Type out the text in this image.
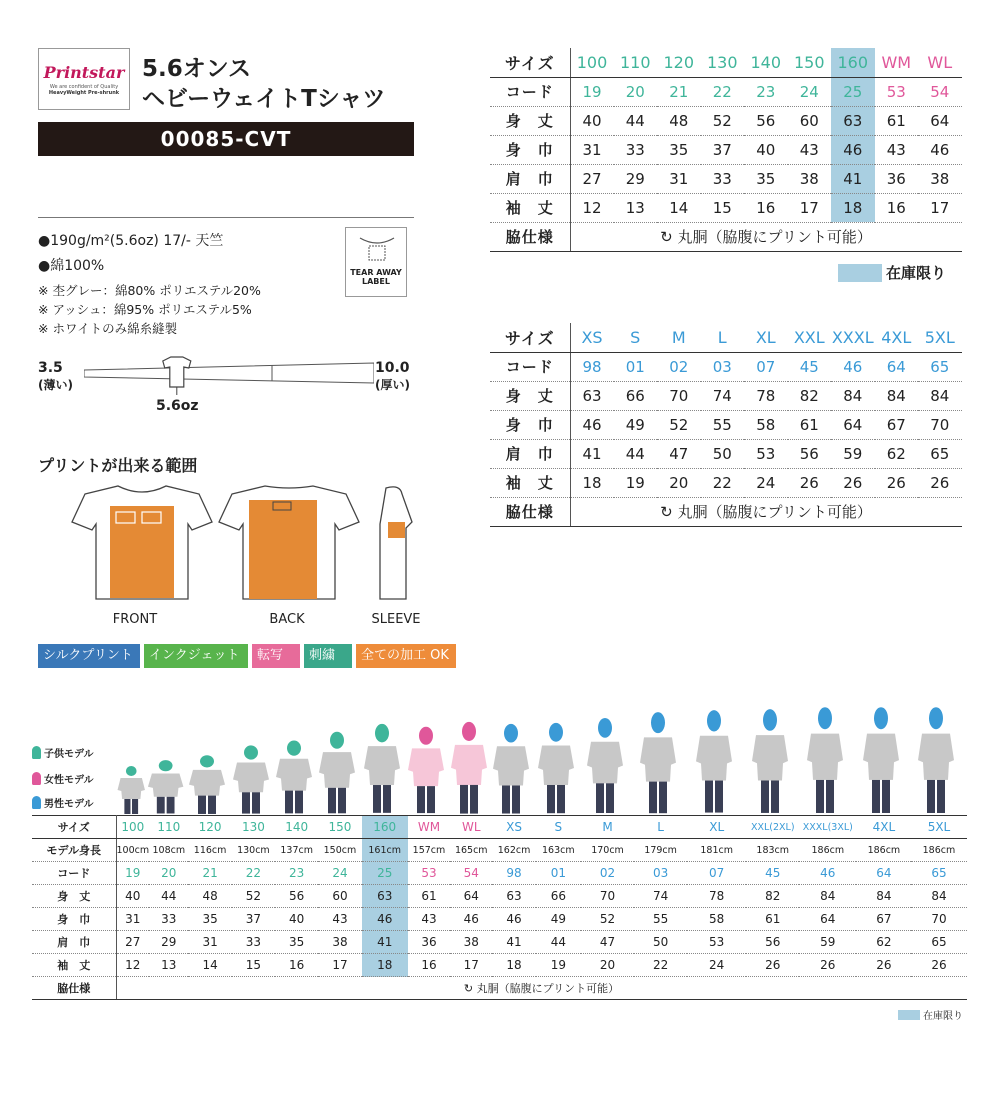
Printstar
We are confident of Quality
HeavyWeight Pre-shrunk
5.6オンス
ヘビーウェイトTシャツ
00085-CVT
●190g/m²(5.6oz) 17/- 天竺
●綿100%
※ 杢グレー：綿80% ポリエステル20%
※ アッシュ：綿95% ポリエステル5%
※ ホワイトのみ綿糸縫製
TEAR AWAY
LABEL
3.5
(薄い)
10.0
(厚い)
5.6oz
プリントが出来る範囲
FRONT	BACK	SLEEVE
シルクプリント	インクジェット	転写	刺繍	全ての加工 OK
サイズ	100	110	120	130	140	150	160	WM	WL
コード	19	20	21	22	23	24	25	53	54
身　丈	40	44	48	52	56	60	63	61	64
身　巾	31	33	35	37	40	43	46	43	46
肩　巾	27	29	31	33	35	38	41	36	38
袖　丈	12	13	14	15	16	17	18	16	17
脇仕様	↻ 丸胴（脇腹にプリント可能）								
在庫限り
サイズ	XS	S	M	L	XL	XXL	XXXL	4XL	5XL
コード	98	01	02	03	07	45	46	64	65
身　丈	63	66	70	74	78	82	84	84	84
身　巾	46	49	52	55	58	61	64	67	70
肩　巾	41	44	47	50	53	56	59	62	65
袖　丈	18	19	20	22	24	26	26	26	26
脇仕様	↻ 丸胴（脇腹にプリント可能）								
子供モデル
女性モデル
男性モデル
サイズ	100	110	120	130	140	150	160	WM	WL	XS	S	M	L	XL	XXL(2XL)	XXXL(3XL)	4XL	5XL
モデル身長	100cm	108cm	116cm	130cm	137cm	150cm	161cm	157cm	165cm	162cm	163cm	170cm	179cm	181cm	183cm	186cm	186cm	186cm
コード	19	20	21	22	23	24	25	53	54	98	01	02	03	07	45	46	64	65
身　丈	40	44	48	52	56	60	63	61	64	63	66	70	74	78	82	84	84	84
身　巾	31	33	35	37	40	43	46	43	46	46	49	52	55	58	61	64	67	70
肩　巾	27	29	31	33	35	38	41	36	38	41	44	47	50	53	56	59	62	65
袖　丈	12	13	14	15	16	17	18	16	17	18	19	20	22	24	26	26	26	26
脇仕様	↻ 丸胴（脇腹にプリント可能）																	
在庫限り
